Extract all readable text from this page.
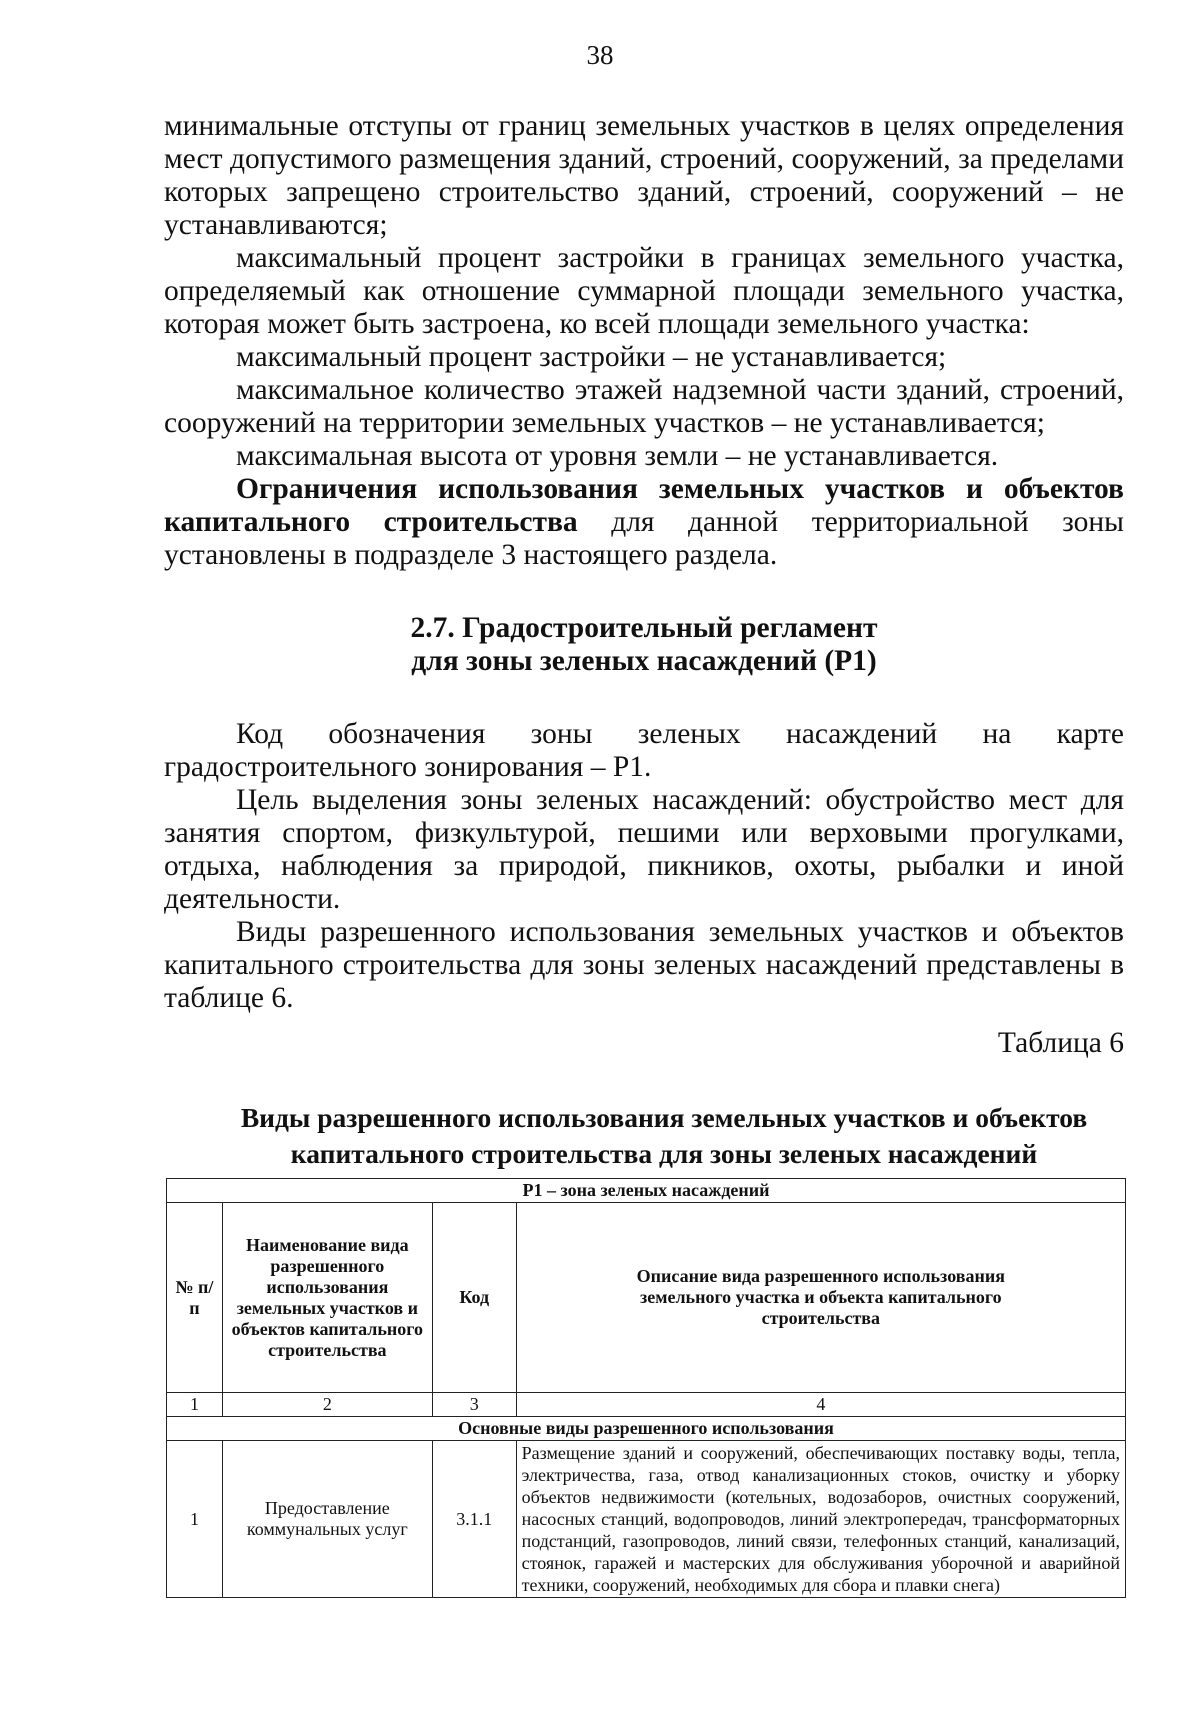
38

минимальные отступы от границ земельных участков в целях определения мест допустимого размещения зданий, строений, сооружений, за пределами которых запрещено строительство зданий, строений, сооружений – не устанавливаются;

максимальный процент застройки в границах земельного участка, определяемый как отношение суммарной площади земельного участка, которая может быть застроена, ко всей площади земельного участка:

максимальный процент застройки – не устанавливается;

максимальное количество этажей надземной части зданий, строений, сооружений на территории земельных участков – не устанавливается;

максимальная высота от уровня земли – не устанавливается.

Ограничения использования земельных участков и объектов капитального строительства для данной территориальной зоны установлены в подразделе 3 настоящего раздела.

2.7. Градостроительный регламент

для зоны зеленых насаждений (Р1)

Код обозначения зоны зеленых насаждений на карте градостроительного зонирования – Р1.

Цель выделения зоны зеленых насаждений: обустройство мест для занятия спортом, физкультурой, пешими или верховыми прогулками, отдыха, наблюдения за природой, пикников, охоты, рыбалки и иной деятельности.

Виды разрешенного использования земельных участков и объектов капитального строительства для зоны зеленых насаждений представлены в таблице 6.

Таблица 6

Виды разрешенного использования земельных участков и объектов

капитального строительства для зоны зеленых насаждений

Р1 – зона зеленых насаждений			
№ п/п	Наименование вида разрешенного использования земельных участков и объектов капитального строительства	Код	Описание вида разрешенного использования земельного участка и объекта капитального строительства
1	2	3	4
Основные виды разрешенного использования			
1	Предоставление коммунальных услуг	3.1.1	Размещение зданий и сооружений, обеспечивающих поставку воды, тепла, электричества, газа, отвод канализационных стоков, очистку и уборку объектов недвижимости (котельных, водозаборов, очистных сооружений, насосных станций, водопроводов, линий электропередач, трансформаторных подстанций, газопроводов, линий связи, телефонных станций, канализаций, стоянок, гаражей и мастерских для обслуживания уборочной и аварийной техники, сооружений, необходимых для сбора и плавки снега)
